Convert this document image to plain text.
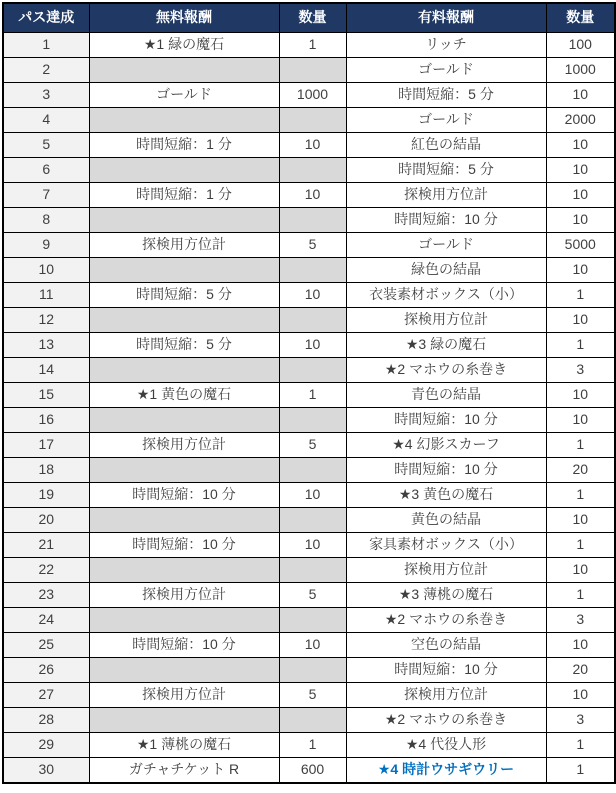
パス達成	無料報酬	数量	有料報酬	数量
1	★1 緑の魔石	1	リッチ	100
2			ゴールド	1000
3	ゴールド	1000	時間短縮：5 分	10
4			ゴールド	2000
5	時間短縮：1 分	10	紅色の結晶	10
6			時間短縮：5 分	10
7	時間短縮：1 分	10	探検用方位計	10
8			時間短縮：10 分	10
9	探検用方位計	5	ゴールド	5000
10			緑色の結晶	10
11	時間短縮：5 分	10	衣装素材ボックス（小）	1
12			探検用方位計	10
13	時間短縮：5 分	10	★3 緑の魔石	1
14			★2 マホウの糸巻き	3
15	★1 黄色の魔石	1	青色の結晶	10
16			時間短縮：10 分	10
17	探検用方位計	5	★4 幻影スカーフ	1
18			時間短縮：10 分	20
19	時間短縮：10 分	10	★3 黄色の魔石	1
20			黄色の結晶	10
21	時間短縮：10 分	10	家具素材ボックス（小）	1
22			探検用方位計	10
23	探検用方位計	5	★3 薄桃の魔石	1
24			★2 マホウの糸巻き	3
25	時間短縮：10 分	10	空色の結晶	10
26			時間短縮：10 分	20
27	探検用方位計	5	探検用方位計	10
28			★2 マホウの糸巻き	3
29	★1 薄桃の魔石	1	★4 代役人形	1
30	ガチャチケット R	600	★4 時計ウサギウリー	1
